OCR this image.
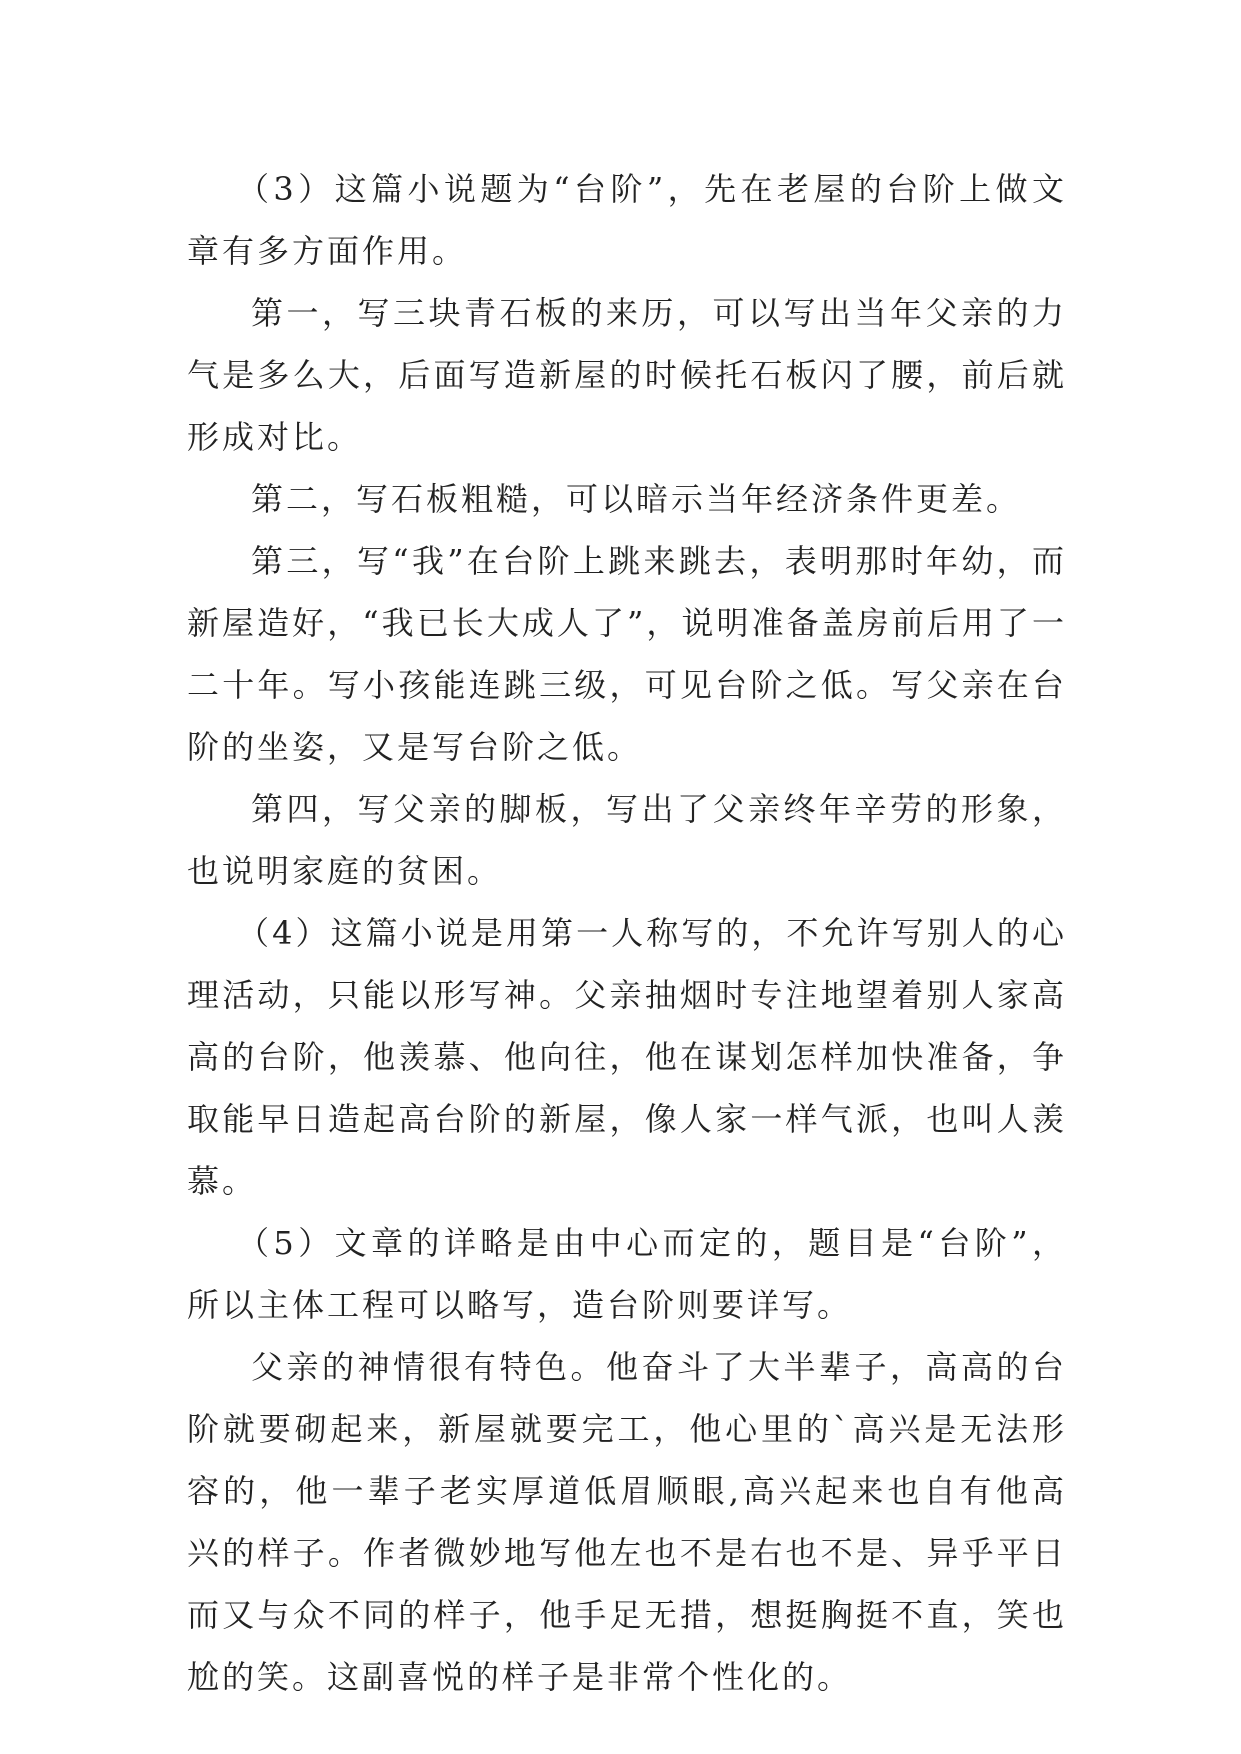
（3）这篇小说题为“台阶”，先在老屋的台阶上做文章有多方面作用。

第一，写三块青石板的来历，可以写出当年父亲的力气是多么大，后面写造新屋的时候托石板闪了腰，前后就形成对比。

第二，写石板粗糙，可以暗示当年经济条件更差。

第三，写“我”在台阶上跳来跳去，表明那时年幼，而新屋造好，“我已长大成人了”，说明准备盖房前后用了一二十年。写小孩能连跳三级，可见台阶之低。写父亲在台阶的坐姿，又是写台阶之低。

第四，写父亲的脚板，写出了父亲终年辛劳的形象，也说明家庭的贫困。

（4）这篇小说是用第一人称写的，不允许写别人的心理活动，只能以形写神。父亲抽烟时专注地望着别人家高高的台阶，他羡慕、他向往，他在谋划怎样加快准备，争取能早日造起高台阶的新屋，像人家一样气派，也叫人羡慕。

（5）文章的详略是由中心而定的，题目是“台阶”，所以主体工程可以略写，造台阶则要详写。

父亲的神情很有特色。他奋斗了大半辈子，高高的台阶就要砌起来，新屋就要完工，他心里的`高兴是无法形容的，他一辈子老实厚道低眉顺眼,高兴起来也自有他高兴的样子。作者微妙地写他左也不是右也不是、异乎平日而又与众不同的样子，他手足无措，想挺胸挺不直，笑也尬的笑。这副喜悦的样子是非常个性化的。
